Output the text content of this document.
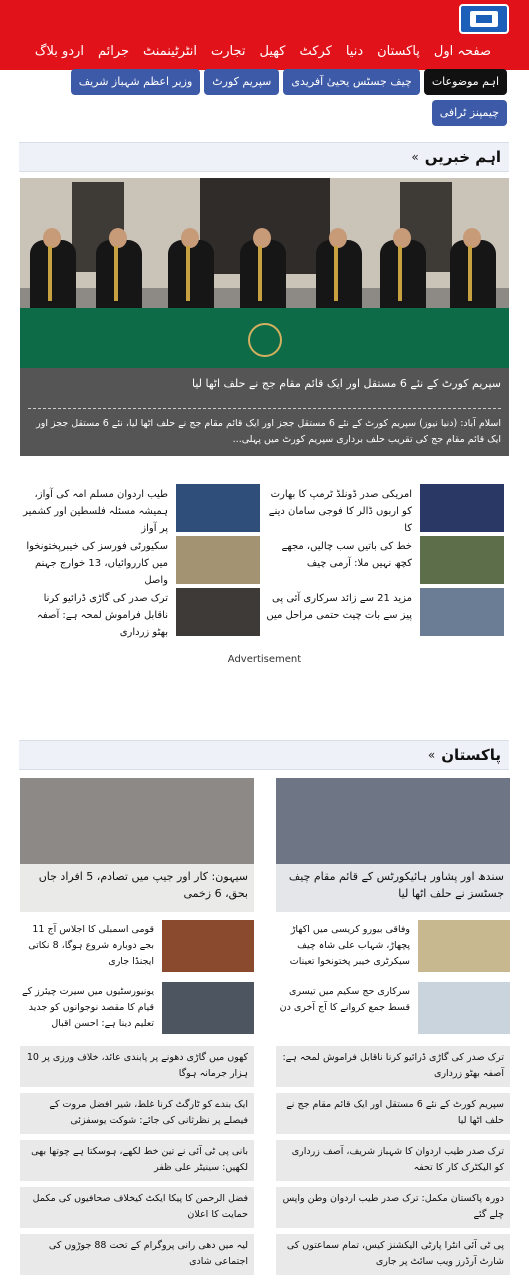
صفحہ اول
پاکستان
دنیا
کرکٹ
کھیل
تجارت
انٹرٹینمنٹ
جرائم
اردو بلاگ
اہم موضوعات
چیف جسٹس یحییٰ آفریدی
سپریم کورٹ
وزیر اعظم شہباز شریف
چیمپنز ٹرافی
اہم خبریں
«
سپریم کورٹ کے نئے 6 مستقل اور ایک قائم مقام جج نے حلف اٹھا لیا
اسلام آباد: (دنیا نیوز) سپریم کورٹ کے نئے 6 مستقل ججز اور ایک قائم مقام جج نے حلف اٹھا لیا، نئے 6 مستقل ججز اور ایک قائم مقام جج کی تقریب حلف برداری سپریم کورٹ میں پہلی...
امریکی صدر ڈونلڈ ٹرمپ کا بھارت کو اربوں ڈالر کا فوجی سامان دینے کا
طیب اردوان مسلم امہ کی آواز، ہمیشہ مسئلہ فلسطین اور کشمیر پر آواز
خط کی باتیں سب چالیں، مجھے کچھ نہیں ملا: آرمی چیف
سکیورٹی فورسز کی خیبرپختونخوا میں کارروائیاں، 13 خوارج جہنم واصل
مزید 21 سے زائد سرکاری آئی پی پیز سے بات چیت حتمی مراحل میں
ترک صدر کی گاڑی ڈرائیو کرنا ناقابل فراموش لمحہ ہے: آصفہ بھٹو زرداری
Advertisement
پاکستان
«
سندھ اور پشاور ہائیکورٹس کے قائم مقام چیف جسٹسز نے حلف اٹھا لیا
سیہون: کار اور جیپ میں تصادم، 5 افراد جاں بحق، 6 زخمی
وفاقی بیورو کریسی میں اکھاڑ پچھاڑ، شہاب علی شاہ چیف سیکرٹری خیبر پختونخوا تعینات
قومی اسمبلی کا اجلاس آج 11 بجے دوبارہ شروع ہوگا، 8 نکاتی ایجنڈا جاری
سرکاری حج سکیم میں تیسری قسط جمع کروانے کا آج آخری دن
یونیورسٹیوں میں سیرت چیئرز کے قیام کا مقصد نوجوانوں کو جدید تعلیم دینا ہے: احسن اقبال
ترک صدر کی گاڑی ڈرائیو کرنا ناقابل فراموش لمحہ ہے: آصفہ بھٹو زرداری
کھوں میں گاڑی دھونے پر پابندی عائد، خلاف ورزی پر 10 ہزار جرمانہ ہوگا
سپریم کورٹ کے نئے 6 مستقل اور ایک قائم مقام جج نے حلف اٹھا لیا
ایک بندے کو ٹارگٹ کرنا غلط، شیر افضل مروت کے فیصلے پر نظرثانی کی جائے: شوکت یوسفزئی
ترک صدر طیب اردوان کا شہباز شریف، آصف زرداری کو الیکٹرک کار کا تحفہ
بانی پی ٹی آئی نے تین خط لکھے، ہوسکتا ہے چوتھا بھی لکھیں: سینیٹر علی ظفر
دورہ پاکستان مکمل: ترک صدر طیب اردوان وطن واپس چلے گئے
فضل الرحمن کا پیکا ایکٹ کیخلاف صحافیوں کی مکمل حمایت کا اعلان
پی ٹی آئی انٹرا پارٹی الیکشنز کیس، تمام سماعتوں کی شارٹ آرڈرز ویب سائٹ پر جاری
لیہ میں دھی رانی پروگرام کے تحت 88 جوڑوں کی اجتماعی شادی
